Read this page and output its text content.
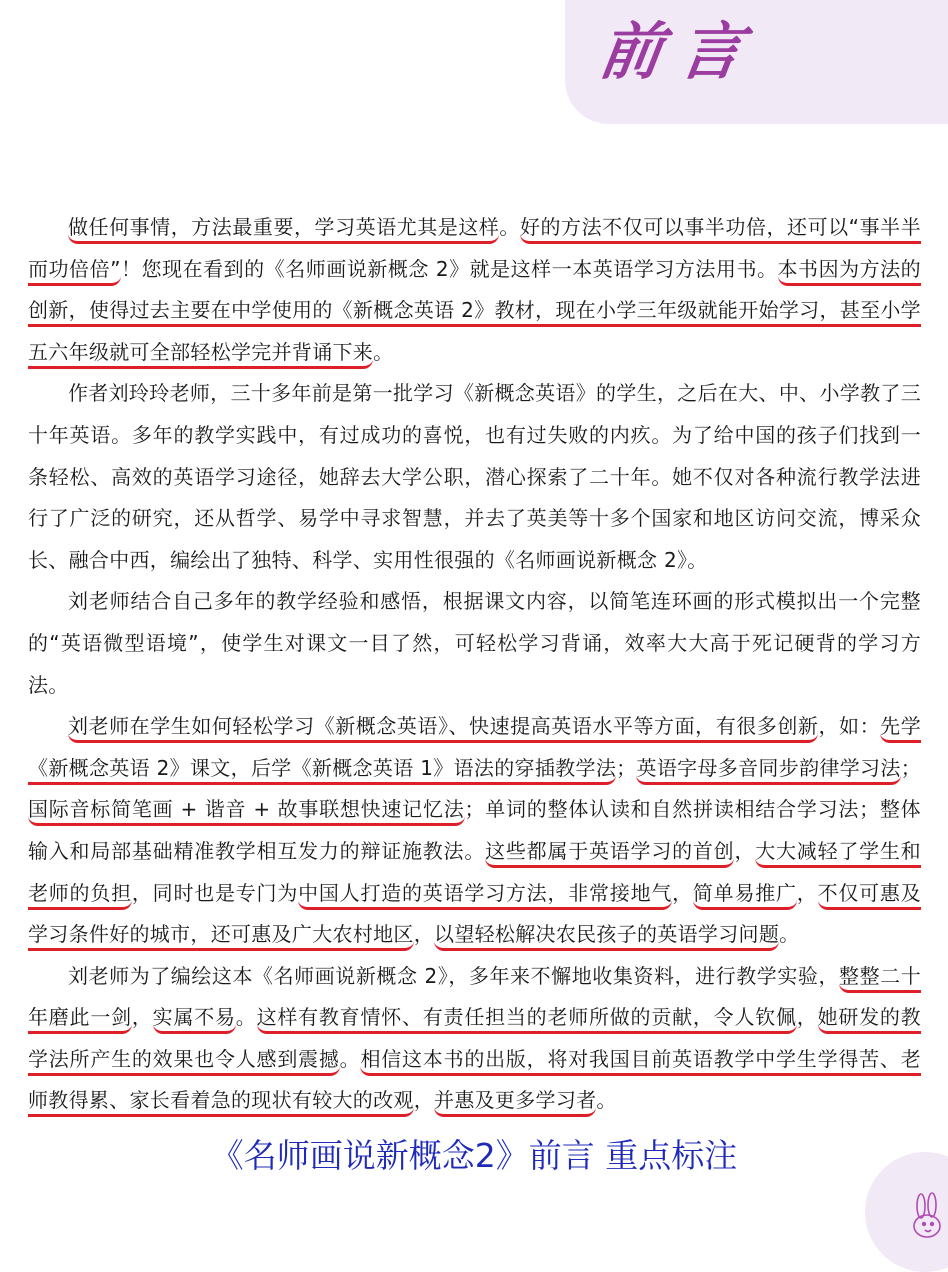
前言

做任何事情，方法最重要，学习英语尤其是这样。好的方法不仅可以事半功倍，还可以“事半半而功倍倍”！您现在看到的《名师画说新概念 2》就是这样一本英语学习方法用书。本书因为方法的创新，使得过去主要在中学使用的《新概念英语 2》教材，现在小学三年级就能开始学习，甚至小学五六年级就可全部轻松学完并背诵下来。

作者刘玲玲老师，三十多年前是第一批学习《新概念英语》的学生，之后在大、中、小学教了三十年英语。多年的教学实践中，有过成功的喜悦，也有过失败的内疚。为了给中国的孩子们找到一条轻松、高效的英语学习途径，她辞去大学公职，潜心探索了二十年。她不仅对各种流行教学法进行了广泛的研究，还从哲学、易学中寻求智慧，并去了英美等十多个国家和地区访问交流，博采众长、融合中西，编绘出了独特、科学、实用性很强的《名师画说新概念 2》。

刘老师结合自己多年的教学经验和感悟，根据课文内容，以简笔连环画的形式模拟出一个完整的“英语微型语境”，使学生对课文一目了然，可轻松学习背诵，效率大大高于死记硬背的学习方法。

刘老师在学生如何轻松学习《新概念英语》、快速提高英语水平等方面，有很多创新，如：先学《新概念英语 2》课文，后学《新概念英语 1》语法的穿插教学法；英语字母多音同步韵律学习法；国际音标简笔画 + 谐音 + 故事联想快速记忆法；单词的整体认读和自然拼读相结合学习法；整体输入和局部基础精准教学相互发力的辩证施教法。这些都属于英语学习的首创，大大减轻了学生和老师的负担，同时也是专门为中国人打造的英语学习方法，非常接地气，简单易推广，不仅可惠及学习条件好的城市，还可惠及广大农村地区，以望轻松解决农民孩子的英语学习问题。

刘老师为了编绘这本《名师画说新概念 2》，多年来不懈地收集资料，进行教学实验，整整二十年磨此一剑，实属不易。这样有教育情怀、有责任担当的老师所做的贡献，令人钦佩，她研发的教学法所产生的效果也令人感到震撼。相信这本书的出版，将对我国目前英语教学中学生学得苦、老师教得累、家长看着急的现状有较大的改观，并惠及更多学习者。

《名师画说新概念2》前言 重点标注
